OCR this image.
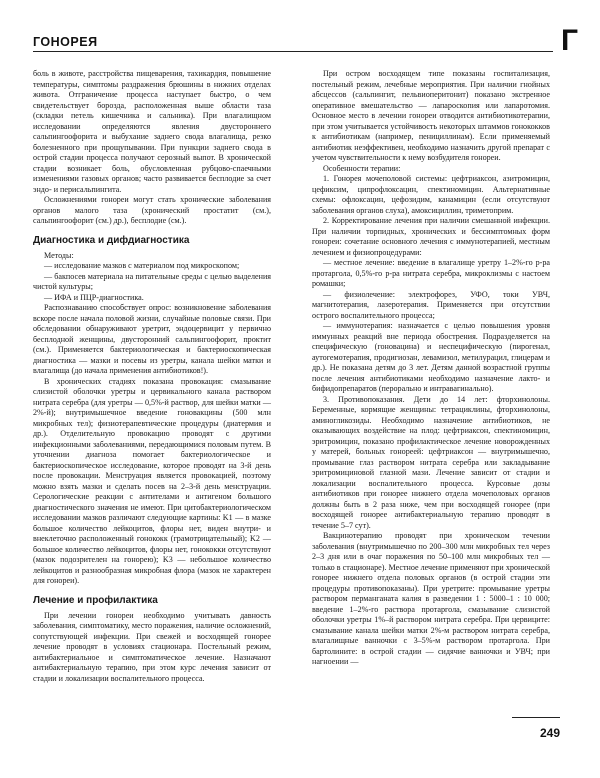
ГОНОРЕЯ	Г

боль в животе, расстройства пищеварения, тахикардия, повышение температуры, симптомы раздражения брюшины в нижних отделах живота. Отграничение процесса наступает быстро, о чем свидетельствует борозда, расположенная выше области таза (складки петель кишечника и сальника). При влагалищном исследовании определяются явления двустороннего сальпингоофорита и выбухание заднего свода влагалища, резко болезненного при прощупывании. При пункции заднего свода в острой стадии процесса получают серозный выпот. В хронической стадии возникает боль, обусловленная рубцово-спаечными изменениями газовых органов; часто развивается бесплодие за счет эндо- и перисальпингита.

Осложнениями гонореи могут стать хронические заболевания органов малого таза (хронический простатит (см.), сальпингоофорит (см.) др.), бесплодие (см.).

Диагностика и дифдиагностика

Методы:

— исследование мазков с материалом под микроскопом;

— бакпосев материала на питательные среды с целью выделения чистой культуры;

— ИФА и ПЦР-диагностика.

Распознаванию способствует опрос: возникновение заболевания вскоре после начала половой жизни, случайные половые связи. При обследовании обнаруживают уретрит, эндоцервицит у первично бесплодной женщины, двусторонний сальпингоофорит, проктит (см.). Применяется бактериологическая и бактериоскопическая диагностика — мазки и посевы из уретры, канала шейки матки и влагалища (до начала применения антибиотиков!).

В хронических стадиях показана провокация: смазывание слизистой оболочки уретры и цервикального канала раствором нитрата серебра (для уретры — 0,5%-й раствор, для шейки матки — 2%-й); внутримышечное введение гоновакцины (500 млн микробных тел); физиотерапевтические процедуры (диатермия и др.). Отделительную провокацию проводят с другими инфекционными заболеваниями, передающимися половым путем. В уточнении диагноза помогает бактериологическое и бактериоскопическое исследование, которое проводят на 3-й день после провокации. Менструация является провокацией, поэтому можно взять мазки и сделать посев на 2–3-й день менструации. Серологические реакции с антителами и антигеном большого диагностического значения не имеют. При цитобактериологическом исследовании мазков различают следующие картины: K1 — в мазке большое количество лейкоцитов, флоры нет, виден внутри- и внеклеточно расположенный гонококк (грамотрицательный); K2 — большое количество лейкоцитов, флоры нет, гонококки отсутствуют (мазок подозрителен на гонорею); K3 — небольшое количество лейкоцитов и разнообразная микробная флора (мазок не характерен для гонореи).

Лечение и профилактика

При лечении гонореи необходимо учитывать давность заболевания, симптоматику, место поражения, наличие осложнений, сопутствующей инфекции. При свежей и восходящей гонорее лечение проводят в условиях стационара. Постельный режим, антибактериальное и симптоматическое лечение. Назначают антибактериальную терапию, при этом курс лечения зависит от стадии и локализации воспалительного процесса.

При остром восходящем типе показаны госпитализация, постельный режим, лечебные мероприятия. При наличии гнойных абсцессов (сальпингит, пельвиоперитонит) показано экстренное оперативное вмешательство — лапароскопия или лапаротомия. Основное место в лечении гонореи отводится антибиотикотерапии, при этом учитывается устойчивость некоторых штаммов гонококков к антибиотикам (например, пенициллинам). Если применяемый антибиотик неэффективен, необходимо назначить другой препарат с учетом чувствительности к нему возбудителя гонореи.

Особенности терапии:

1. Гонорея мочеполовой системы: цефтриаксон, азитромицин, цефиксим, ципрофлоксацин, спектиномицин. Альтернативные схемы: офлоксацин, цефозидим, канамицин (если отсутствуют заболевания органов слуха), амоксициллин, триметоприм.

2. Корректирование лечения при наличии смешанной инфекции. При наличии торпидных, хронических и бессимптомных форм гонореи: сочетание основного лечения с иммунотерапией, местным лечением и физиопроцедурами:

— местное лечение: введение в влагалище уретру 1–2%-го р-ра протаргола, 0,5%-го р-ра нитрата серебра, микроклизмы с настоем ромашки;

— физиолечение: электрофорез, УФО, токи УВЧ, магнитотерапия, лазеротерапия. Применяется при отсутствии острого воспалительного процесса;

— иммунотерапия: назначается с целью повышения уровня иммунных реакций вне периода обострения. Подразделяется на специфическую (гоновацина) и неспецифическую (пирогенал, аутогемотерапия, продигиозан, левамизол, метилурацил, глицерам и др.). Не показана детям до 3 лет. Детям данной возрастной группы после лечения антибиотиками необходимо назначение лакто- и бифидопрепаратов (перорально и интравагинально).

3. Противопоказания. Дети до 14 лет: фторхинолоны. Беременные, кормящие женщины: тетрациклины, фторхинолоны, аминогликозиды. Необходимо назначение антибиотиков, не оказывающих воздействие на плод: цефтриаксон, спектиномицин, эритромицин, показано профилактическое лечение новорожденных у матерей, больных гонореей: цефтриаксон — внутримышечно, промывание глаз раствором нитрата серебра или закладывание эритромициновой глазной мази. Лечение зависит от стадии и локализации воспалительного процесса. Курсовые дозы антибиотиков при гонорее нижнего отдела мочеполовых органов должны быть в 2 раза ниже, чем при восходящей гонорее (при восходящей гонорее антибактериальную терапию проводят в течение 5–7 сут).

Вакцинотерапию проводят при хроническом течении заболевания (внутримышечно по 200–300 млн микробных тел через 2–3 дня или в очаг поражения по 50–100 млн микробных тел — только в стационаре). Местное лечение применяют при хронической гонорее нижнего отдела половых органов (в острой стадии эти процедуры противопоказаны). При уретрите: промывание уретры раствором перманганата калия в разведении 1 : 5000–1 : 10 000; введение 1–2%-го раствора протаргола, смазывание слизистой оболочки уретры 1%–й раствором нитрата серебра. При цервиците: смазывание канала шейки матки 2%-м раствором нитрата серебра, влагалищные ванночки с 3–5%-м раствором протаргола. При бартолините: в острой стадии — сидячие ванночки и УВЧ; при нагноении —

249
